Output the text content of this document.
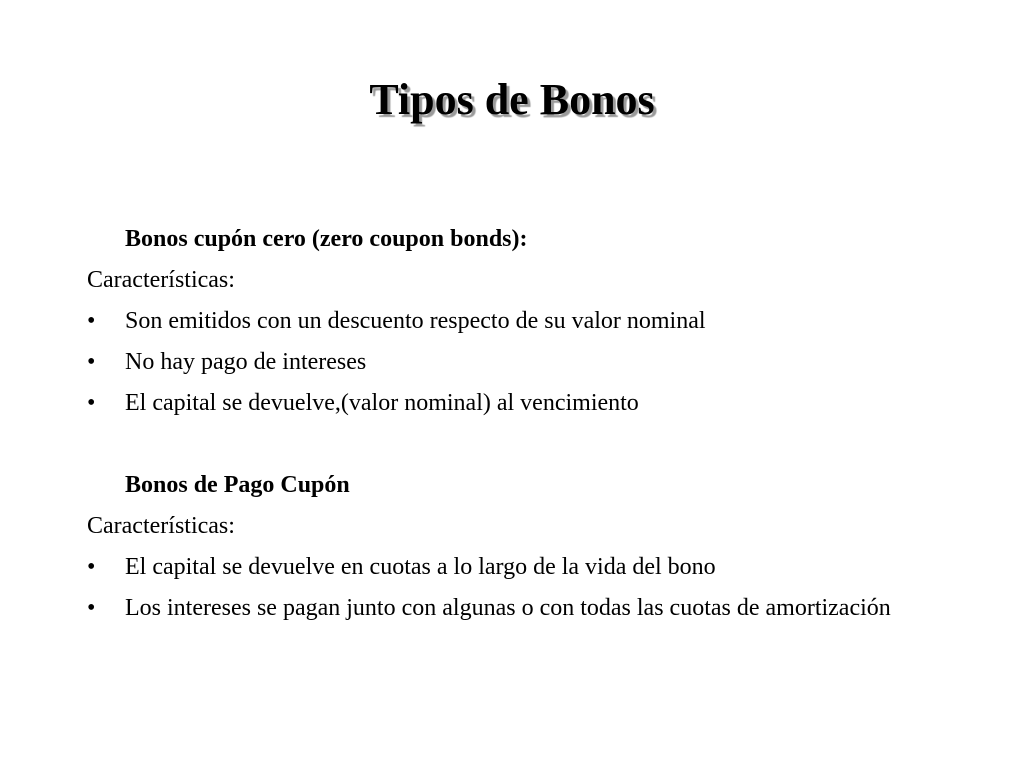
Tipos de Bonos
Bonos cupón cero (zero coupon bonds):
Características:
• Son emitidos con un descuento respecto de su valor nominal
• No hay pago de intereses
• El capital se devuelve,(valor nominal) al vencimiento
Bonos de Pago Cupón
Características:
• El capital se devuelve en cuotas a lo largo de la vida del bono
• Los intereses se pagan junto con algunas o con todas las cuotas de amortización
